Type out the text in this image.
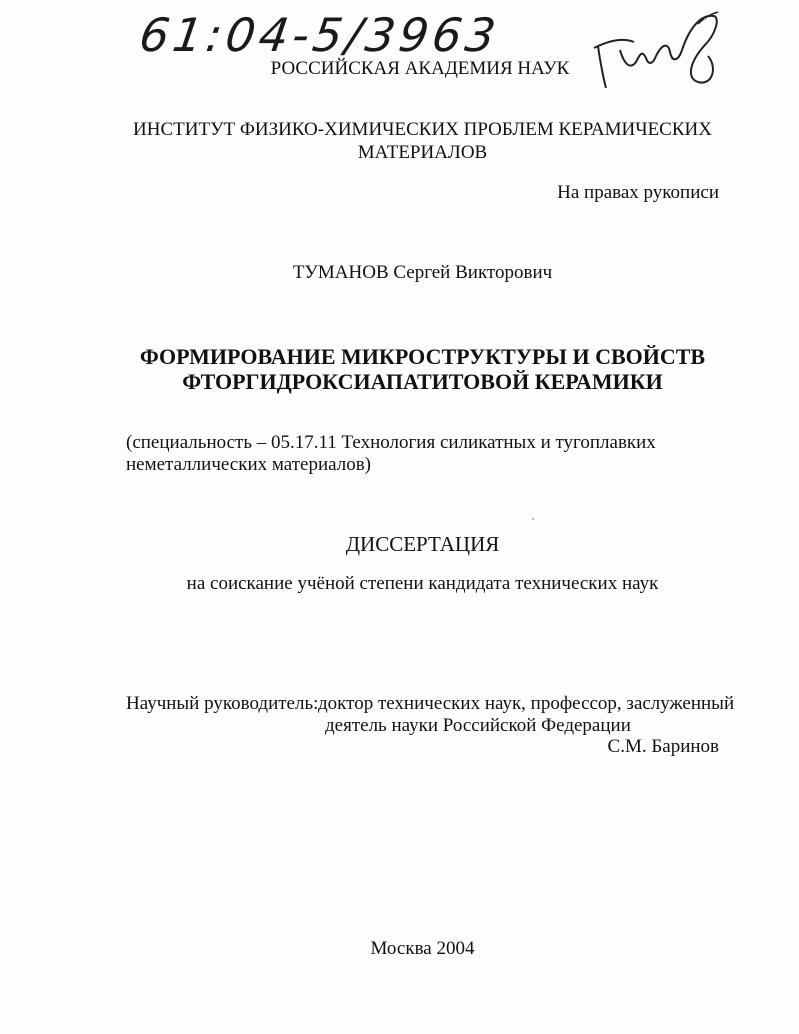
61:04-5/3963
РОССИЙСКАЯ АКАДЕМИЯ НАУК
ИНСТИТУТ ФИЗИКО-ХИМИЧЕСКИХ ПРОБЛЕМ КЕРАМИЧЕСКИХ
МАТЕРИАЛОВ
На правах рукописи
ТУМАНОВ Сергей Викторович
ФОРМИРОВАНИЕ МИКРОСТРУКТУРЫ И СВОЙСТВ
ФТОРГИДРОКСИАПАТИТОВОЙ КЕРАМИКИ
(специальность – 05.17.11 Технология силикатных и тугоплавких
неметаллических материалов)
ДИССЕРТАЦИЯ
на соискание учёной степени кандидата технических наук
Научный руководитель: доктор технических наук, профессор, заслуженный
деятель науки Российской Федерации
С.М. Баринов
Москва 2004
